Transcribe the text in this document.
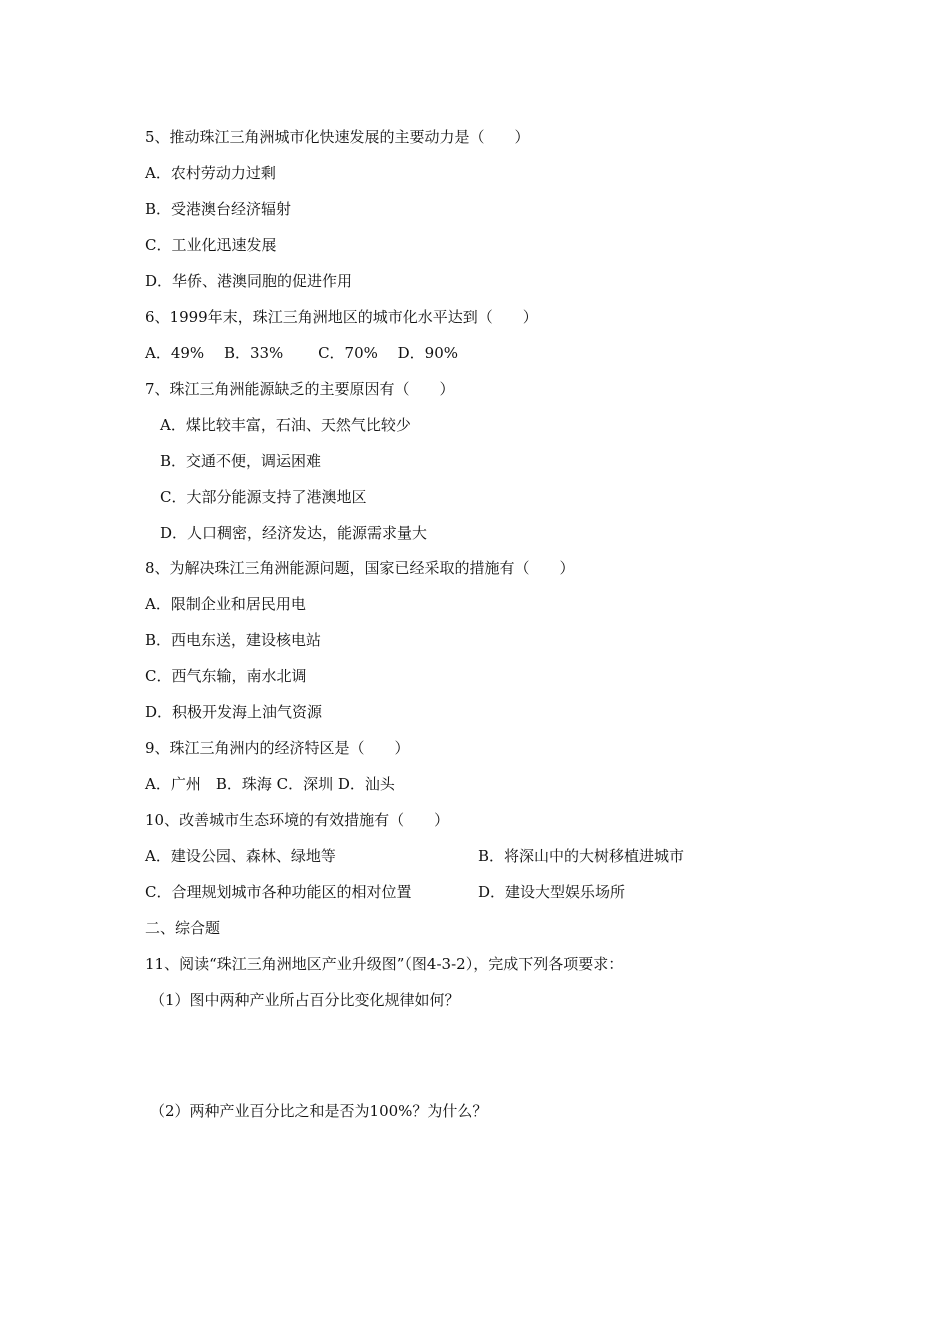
5、推动珠江三角洲城市化快速发展的主要动力是（　　）
A．农村劳动力过剩
B．受港澳台经济辐射
C．工业化迅速发展
D．华侨、港澳同胞的促进作用
6、1999年末，珠江三角洲地区的城市化水平达到（　　）
A．49%　 B．33%　　 C．70%　 D．90%
7、珠江三角洲能源缺乏的主要原因有（　　）
A．煤比较丰富，石油、天然气比较少
B．交通不便，调运困难
C．大部分能源支持了港澳地区
D．人口稠密，经济发达，能源需求量大
8、为解决珠江三角洲能源问题，国家已经采取的措施有（　　）
A．限制企业和居民用电
B．西电东送，建设核电站
C．西气东输，南水北调
D．积极开发海上油气资源
9、珠江三角洲内的经济特区是（　　）
A．广州　B．珠海 C．深圳 D．汕头
10、改善城市生态环境的有效措施有（　　）
A．建设公园、森林、绿地等	B．将深山中的大树移植进城市
C．合理规划城市各种功能区的相对位置	D．建设大型娱乐场所
二、综合题
11、阅读“珠江三角洲地区产业升级图”（图4-3-2），完成下列各项要求：
（1）图中两种产业所占百分比变化规律如何？
（2）两种产业百分比之和是否为100%？为什么？
